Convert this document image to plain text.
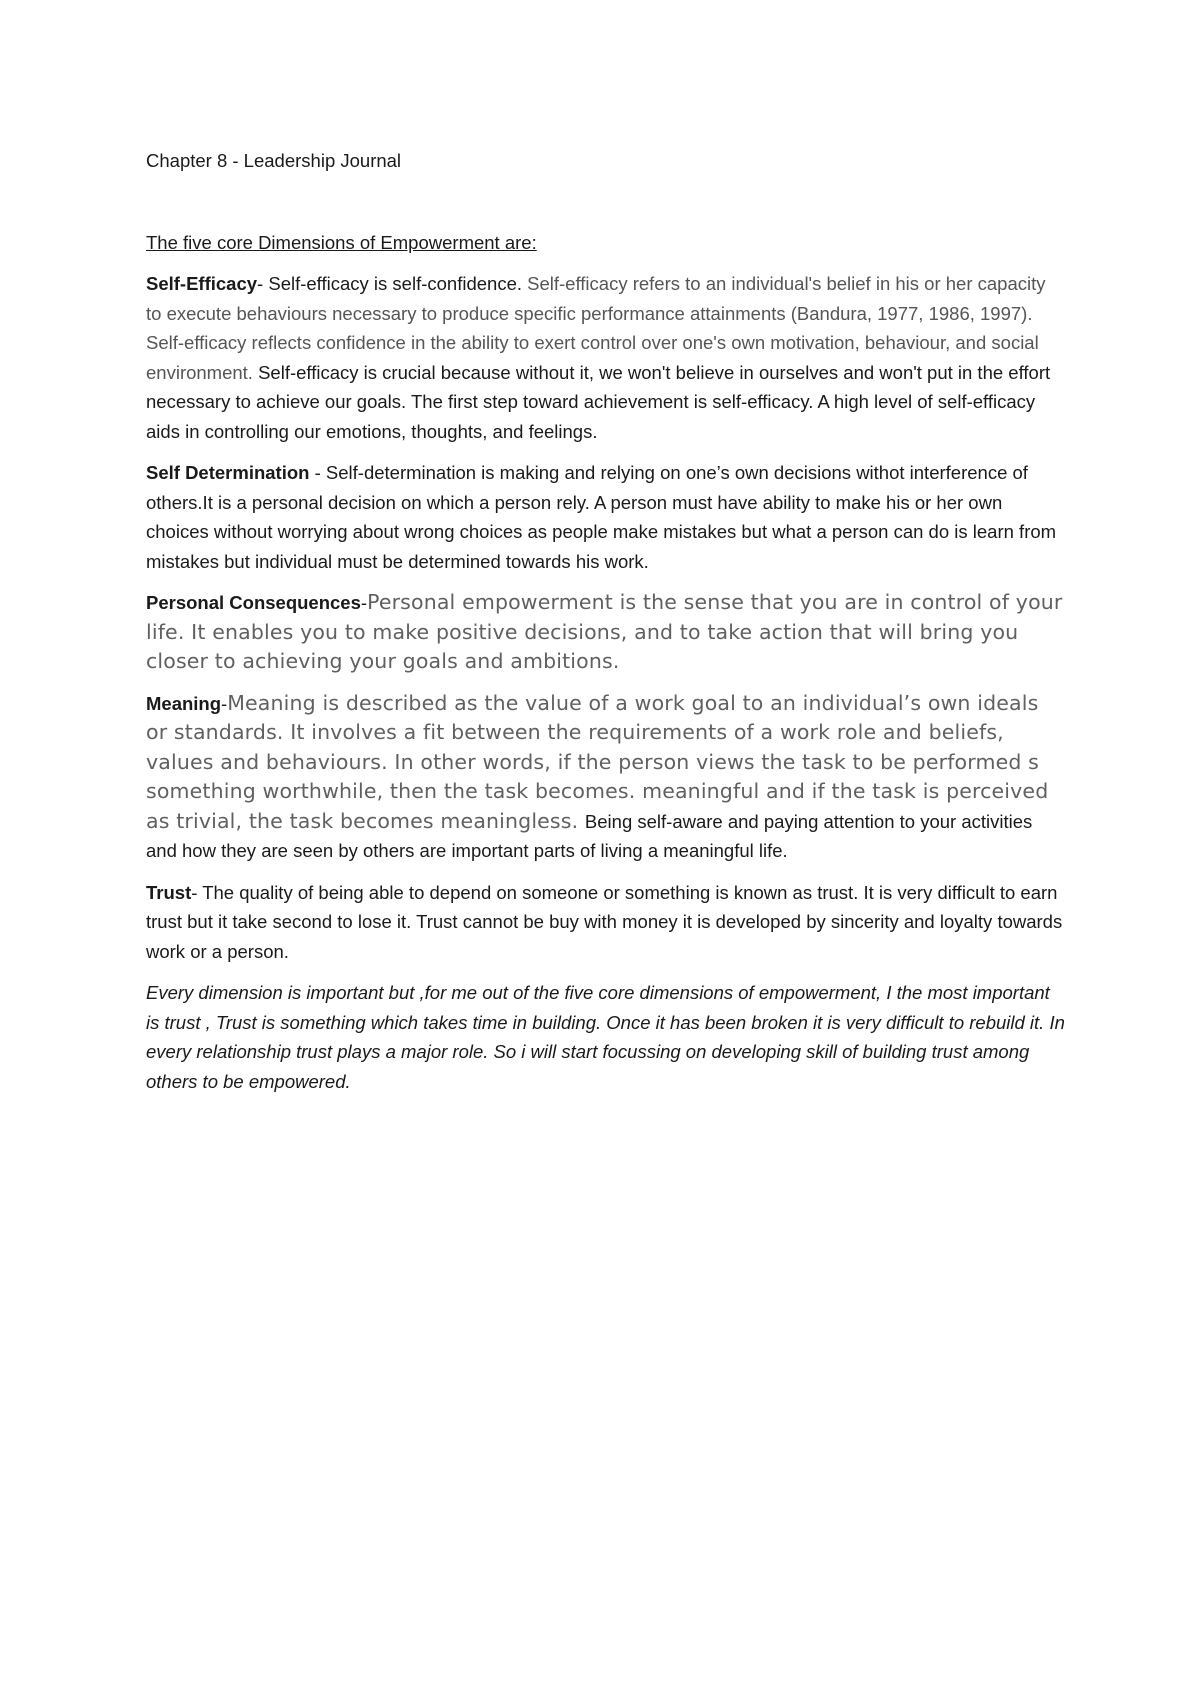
Chapter 8 - Leadership Journal

The five core Dimensions of Empowerment are:

Self-Efficacy- Self-efficacy is self-confidence. Self-efficacy refers to an individual's belief in his or her capacity to execute behaviours necessary to produce specific performance attainments (Bandura, 1977, 1986, 1997). Self-efficacy reflects confidence in the ability to exert control over one's own motivation, behaviour, and social environment. Self-efficacy is crucial because without it, we won't believe in ourselves and won't put in the effort necessary to achieve our goals. The first step toward achievement is self-efficacy. A high level of self-efficacy aids in controlling our emotions, thoughts, and feelings.

Self Determination - Self-determination is making and relying on one’s own decisions withot interference of others.It is a personal decision on which a person rely. A person must have ability to make his or her own choices without worrying about wrong choices as people make mistakes but what a person can do is learn from mistakes but individual must be determined towards his work.

Personal Consequences-Personal empowerment is the sense that you are in control of your life. It enables you to make positive decisions, and to take action that will bring you closer to achieving your goals and ambitions.

Meaning-Meaning is described as the value of a work goal to an individual’s own ideals or standards. It involves a fit between the requirements of a work role and beliefs, values and behaviours. In other words, if the person views the task to be performed s something worthwhile, then the task becomes. meaningful and if the task is perceived as trivial, the task becomes meaningless. Being self-aware and paying attention to your activities and how they are seen by others are important parts of living a meaningful life.

Trust- The quality of being able to depend on someone or something is known as trust. It is very difficult to earn trust but it take second to lose it. Trust cannot be buy with money it is developed by sincerity and loyalty towards work or a person.

Every dimension is important but ,for me out of the five core dimensions of empowerment, I the most important is trust , Trust is something which takes time in building. Once it has been broken it is very difficult to rebuild it. In every relationship trust plays a major role. So i will start focussing on developing skill of building trust among others to be empowered.
